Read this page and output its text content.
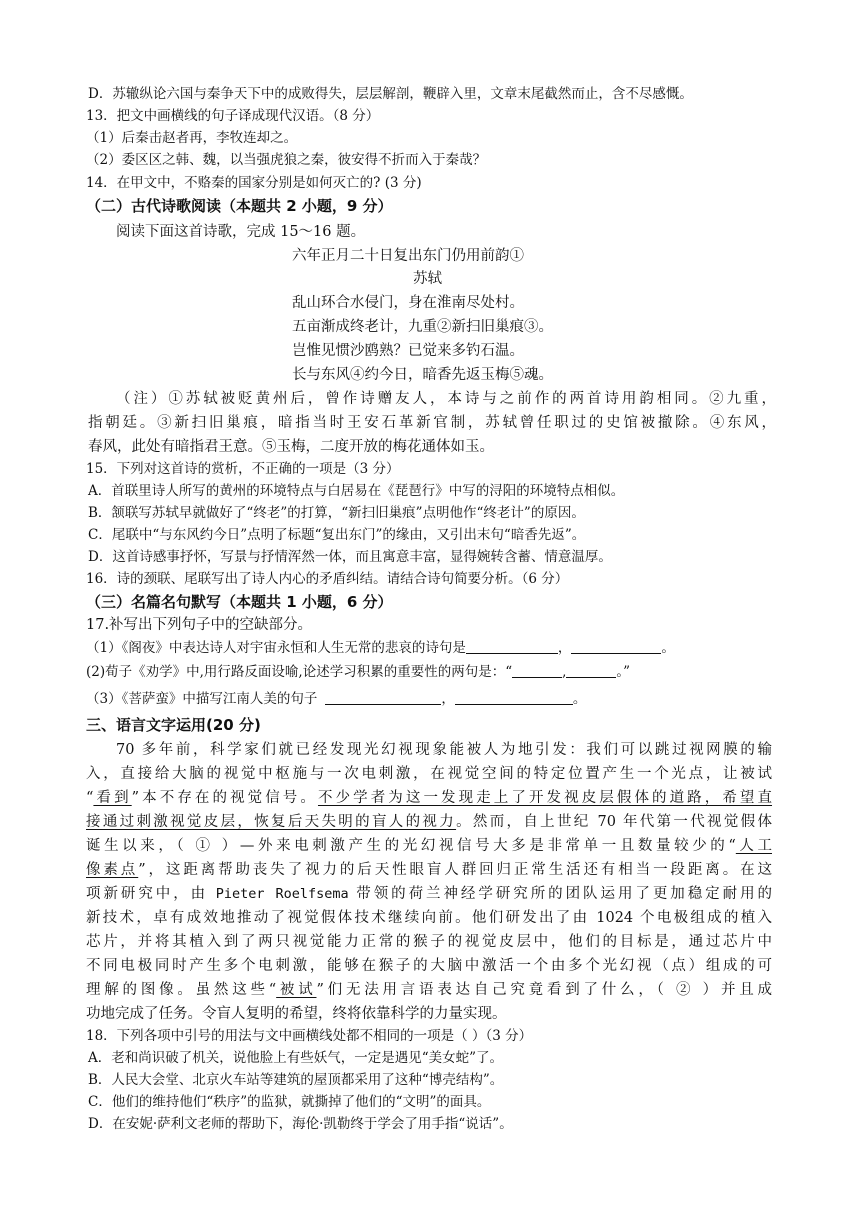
D．苏辙纵论六国与秦争天下中的成败得失，层层解剖，鞭辟入里，文章末尾截然而止，含不尽感慨。
13．把文中画横线的句子译成现代汉语。（8 分）
（1）后秦击赵者再，李牧连却之。
（2）委区区之韩、魏，以当强虎狼之秦，彼安得不折而入于秦哉？
14．在甲文中，不赂秦的国家分别是如何灭亡的? (3 分)
（二）古代诗歌阅读（本题共 2 小题，9 分）
阅读下面这首诗歌，完成 15～16 题。
六年正月二十日复出东门仍用前韵①
苏轼
乱山环合水侵门，身在淮南尽处村。
五亩渐成终老计，九重②新扫旧巢痕③。
岂惟见惯沙鸥熟？已觉来多钓石温。
长与东风④约今日，暗香先返玉梅⑤魂。
（注）①苏轼被贬黄州后，曾作诗赠友人，本诗与之前作的两首诗用韵相同。②九重，
指朝廷。③新扫旧巢痕，暗指当时王安石革新官制，苏轼曾任职过的史馆被撤除。④东风，
春风，此处有暗指君王意。⑤玉梅，二度开放的梅花通体如玉。
15．下列对这首诗的赏析，不正确的一项是（3 分）
A．首联里诗人所写的黄州的环境特点与白居易在《琵琶行》中写的浔阳的环境特点相似。
B．颔联写苏轼早就做好了“终老”的打算，“新扫旧巢痕”点明他作“终老计”的原因。
C．尾联中“与东风约今日”点明了标题“复出东门”的缘由，又引出末句“暗香先返”。
D．这首诗感事抒怀，写景与抒情浑然一体，而且寓意丰富，显得婉转含蓄、情意温厚。
16．诗的颈联、尾联写出了诗人内心的矛盾纠结。请结合诗句简要分析。（6 分）
（三）名篇名句默写（本题共 1 小题，6 分）
17.补写出下列句子中的空缺部分。
（1）《阁夜》中表达诗人对宇宙永恒和人生无常的悲哀的诗句是	，	。
(2)荀子《劝学》中,用行路反面设喻,论述学习积累的重要性的两句是：“	,	。”
（3）《菩萨蛮》中描写江南人美的句子	，	。
三、语言文字运用(20 分)
70 多年前，科学家们就已经发现光幻视现象能被人为地引发：我们可以跳过视网膜的输
入，直接给大脑的视觉中枢施与一次电刺激，在视觉空间的特定位置产生一个光点，让被试
“看到”本不存在的视觉信号。不少学者为这一发现走上了开发视皮层假体的道路，希望直
接通过刺激视觉皮层，恢复后天失明的盲人的视力。然而，自上世纪 70 年代第一代视觉假体
诞生以来，（ ① ）—外来电刺激产生的光幻视信号大多是非常单一且数量较少的“人工
像素点”，这距离帮助丧失了视力的后天性眼盲人群回归正常生活还有相当一段距离。在这
项新研究中，由 Pieter Roelfsema 带领的荷兰神经学研究所的团队运用了更加稳定耐用的
新技术，卓有成效地推动了视觉假体技术继续向前。他们研发出了由 1024 个电极组成的植入
芯片，并将其植入到了两只视觉能力正常的猴子的视觉皮层中，他们的目标是，通过芯片中
不同电极同时产生多个电刺激，能够在猴子的大脑中激活一个由多个光幻视（点）组成的可
理解的图像。虽然这些“被试”们无法用言语表达自己究竟看到了什么，（ ② ）并且成
功地完成了任务。令盲人复明的希望，终将依靠科学的力量实现。
18．下列各项中引号的用法与文中画横线处都不相同的一项是（ ）（3 分）
A．老和尚识破了机关，说他脸上有些妖气，一定是遇见“美女蛇”了。
B．人民大会堂、北京火车站等建筑的屋顶都采用了这种“博壳结构”。
C．他们的维持他们“秩序”的监狱，就撕掉了他们的“文明”的面具。
D．在安妮·萨利文老师的帮助下，海伦·凯勒终于学会了用手指“说话”。
